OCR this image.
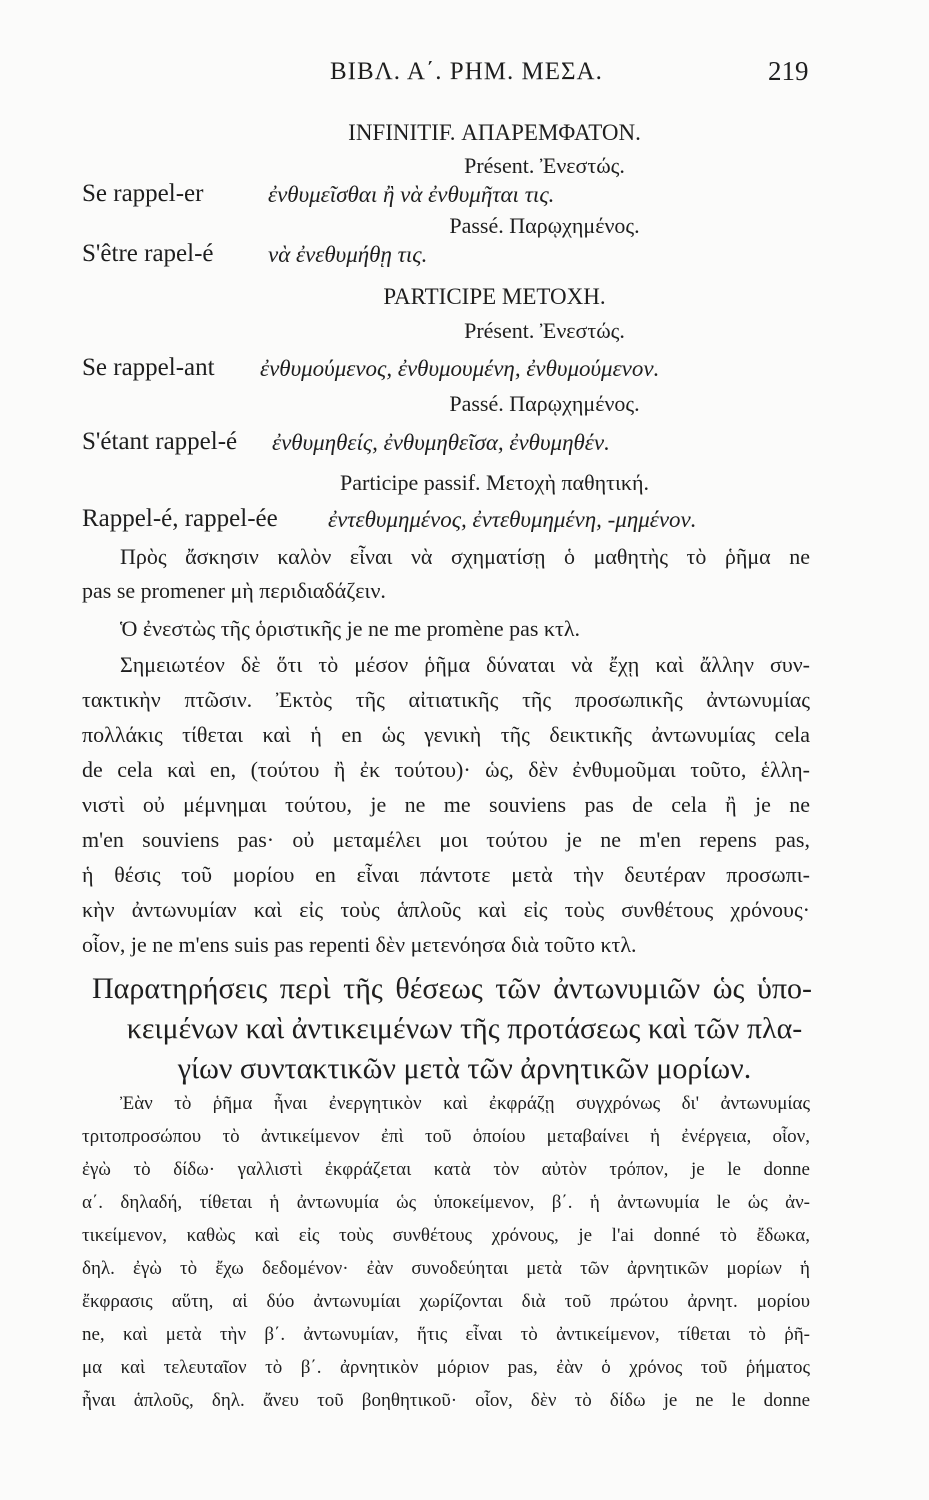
ΒΙΒΛ. Α΄. ΡΗΜ. ΜΕΣΑ.	219
INFINITIF. ΑΠΑΡΕΜΦΑΤΟΝ.
Présent. Ἐνεστώς.
Se rappel-er	ἐνθυμεῖσθαι ἢ νὰ ἐνθυμῆται τις.
Passé. Παρῳχημένος.
S'être rapel-é νὰ ἐνεθυμήθῃ τις.
PARTICIPE ΜΕΤΟΧΗ.
Présent. Ἐνεστώς.
Se rappel-ant ἐνθυμούμενος, ἐνθυμουμένη, ἐνθυμούμενον.
Passé. Παρῳχημένος.
S'étant rappel-é ἐνθυμηθείς, ἐνθυμηθεῖσα, ἐνθυμηθέν.
Participe passif. Μετοχὴ παθητική.
Rappel-é, rappel-ée ἐντεθυμημένος, ἐντεθυμημένη, -μημένον.
Πρὸς ἄσκησιν καλὸν εἶναι νὰ σχηματίσῃ ὁ μαθητὴς τὸ ῥῆμα ne
pas se promener μὴ περιδιαδάζειν.
Ὁ ἐνεστὼς τῆς ὁριστικῆς je ne me promène pas κτλ.
Σημειωτέον δὲ ὅτι τὸ μέσον ῥῆμα δύναται νὰ ἔχῃ καὶ ἄλλην συν-
τακτικὴν πτῶσιν. Ἐκτὸς τῆς αἰτιατικῆς τῆς προσωπικῆς ἀντωνυμίας
πολλάκις τίθεται καὶ ἡ en ὡς γενικὴ τῆς δεικτικῆς ἀντωνυμίας cela
de cela καὶ en, (τούτου ἢ ἐκ τούτου)· ὡς, δὲν ἐνθυμοῦμαι τοῦτο, ἑλλη-
νιστὶ οὐ μέμνημαι τούτου, je ne me souviens pas de cela ἢ je ne
m'en souviens pas· οὐ μεταμέλει μοι τούτου je ne m'en repens pas,
ἡ θέσις τοῦ μορίου en εἶναι πάντοτε μετὰ τὴν δευτέραν προσωπι-
κὴν ἀντωνυμίαν καὶ εἰς τοὺς ἁπλοῦς καὶ εἰς τοὺς συνθέτους χρόνους·
οἷον, je ne m'ens suis pas repenti δὲν μετενόησα διὰ τοῦτο κτλ.
Παρατηρήσεις περὶ τῆς θέσεως τῶν ἀντωνυμιῶν ὡς ὑπο-
κειμένων καὶ ἀντικειμένων τῆς προτάσεως καὶ τῶν πλα-
γίων συντακτικῶν μετὰ τῶν ἀρνητικῶν μορίων.
Ἐὰν τὸ ῥῆμα ἦναι ἐνεργητικὸν καὶ ἐκφράζῃ συγχρόνως δι' ἀντωνυμίας
τριτοπροσώπου τὸ ἀντικείμενον ἐπὶ τοῦ ὁποίου μεταβαίνει ἡ ἐνέργεια, οἷον,
ἐγὼ τὸ δίδω· γαλλιστὶ ἐκφράζεται κατὰ τὸν αὐτὸν τρόπον, je le donne
α΄. δηλαδή, τίθεται ἡ ἀντωνυμία ὡς ὑποκείμενον, β΄. ἡ ἀντωνυμία le ὡς ἀν-
τικείμενον, καθὼς καὶ εἰς τοὺς συνθέτους χρόνους, je l'ai donné τὸ ἔδωκα,
δηλ. ἐγὼ τὸ ἔχω δεδομένον· ἐὰν συνοδεύηται μετὰ τῶν ἀρνητικῶν μορίων ἡ
ἔκφρασις αὕτη, αἱ δύο ἀντωνυμίαι χωρίζονται διὰ τοῦ πρώτου ἀρνητ. μορίου
ne, καὶ μετὰ τὴν β΄. ἀντωνυμίαν, ἥτις εἶναι τὸ ἀντικείμενον, τίθεται τὸ ῥῆ-
μα καὶ τελευταῖον τὸ β΄. ἀρνητικὸν μόριον pas, ἐὰν ὁ χρόνος τοῦ ῥήματος
ἦναι ἁπλοῦς, δηλ. ἄνευ τοῦ βοηθητικοῦ· οἷον, δὲν τὸ δίδω je ne le donne
